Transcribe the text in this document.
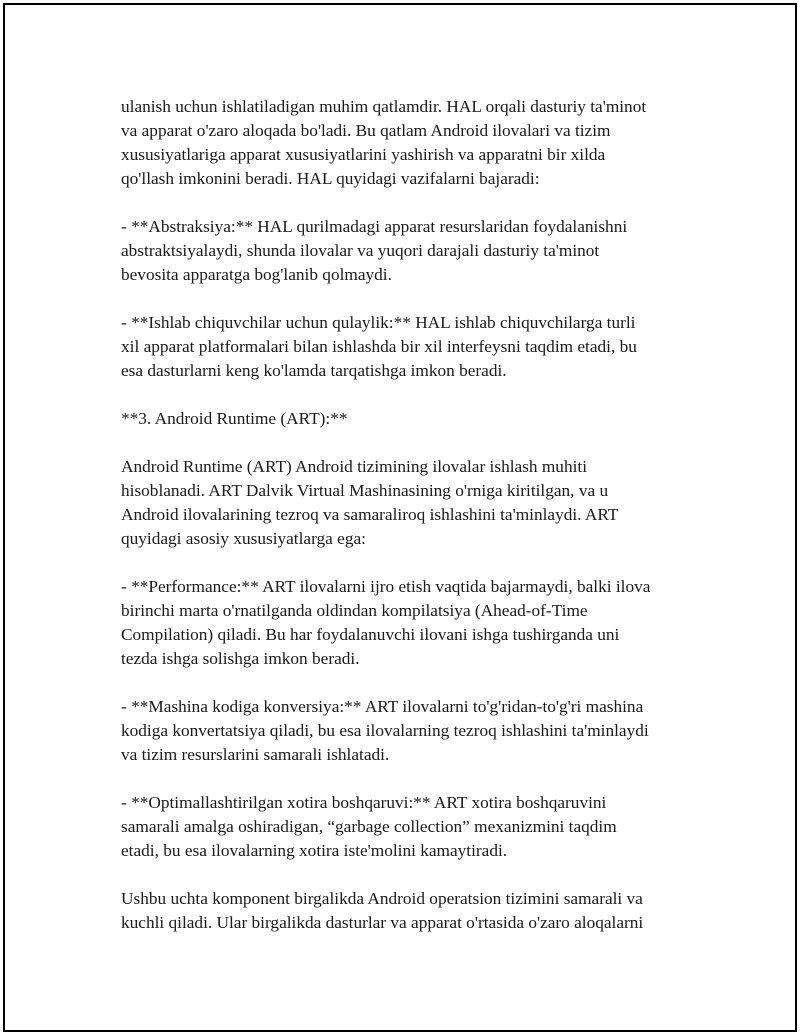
ulanish uchun ishlatiladigan muhim qatlamdir. HAL orqali dasturiy ta'minot
va apparat o'zaro aloqada bo'ladi. Bu qatlam Android ilovalari va tizim
xususiyatlariga apparat xususiyatlarini yashirish va apparatni bir xilda
qo'llash imkonini beradi. HAL quyidagi vazifalarni bajaradi:
- **Abstraksiya:** HAL qurilmadagi apparat resurslaridan foydalanishni
abstraktsiyalaydi, shunda ilovalar va yuqori darajali dasturiy ta'minot
bevosita apparatga bog'lanib qolmaydi.
- **Ishlab chiquvchilar uchun qulaylik:** HAL ishlab chiquvchilarga turli
xil apparat platformalari bilan ishlashda bir xil interfeysni taqdim etadi, bu
esa dasturlarni keng ko'lamda tarqatishga imkon beradi.
**3. Android Runtime (ART):**
Android Runtime (ART) Android tizimining ilovalar ishlash muhiti
hisoblanadi. ART Dalvik Virtual Mashinasining o'rniga kiritilgan, va u
Android ilovalarining tezroq va samaraliroq ishlashini ta'minlaydi. ART
quyidagi asosiy xususiyatlarga ega:
- **Performance:** ART ilovalarni ijro etish vaqtida bajarmaydi, balki ilova
birinchi marta o'rnatilganda oldindan kompilatsiya (Ahead-of-Time
Compilation) qiladi. Bu har foydalanuvchi ilovani ishga tushirganda uni
tezda ishga solishga imkon beradi.
- **Mashina kodiga konversiya:** ART ilovalarni to'g'ridan-to'g'ri mashina
kodiga konvertatsiya qiladi, bu esa ilovalarning tezroq ishlashini ta'minlaydi
va tizim resurslarini samarali ishlatadi.
- **Optimallashtirilgan xotira boshqaruvi:** ART xotira boshqaruvini
samarali amalga oshiradigan, “garbage collection” mexanizmini taqdim
etadi, bu esa ilovalarning xotira iste'molini kamaytiradi.
Ushbu uchta komponent birgalikda Android operatsion tizimini samarali va
kuchli qiladi. Ular birgalikda dasturlar va apparat o'rtasida o'zaro aloqalarni
